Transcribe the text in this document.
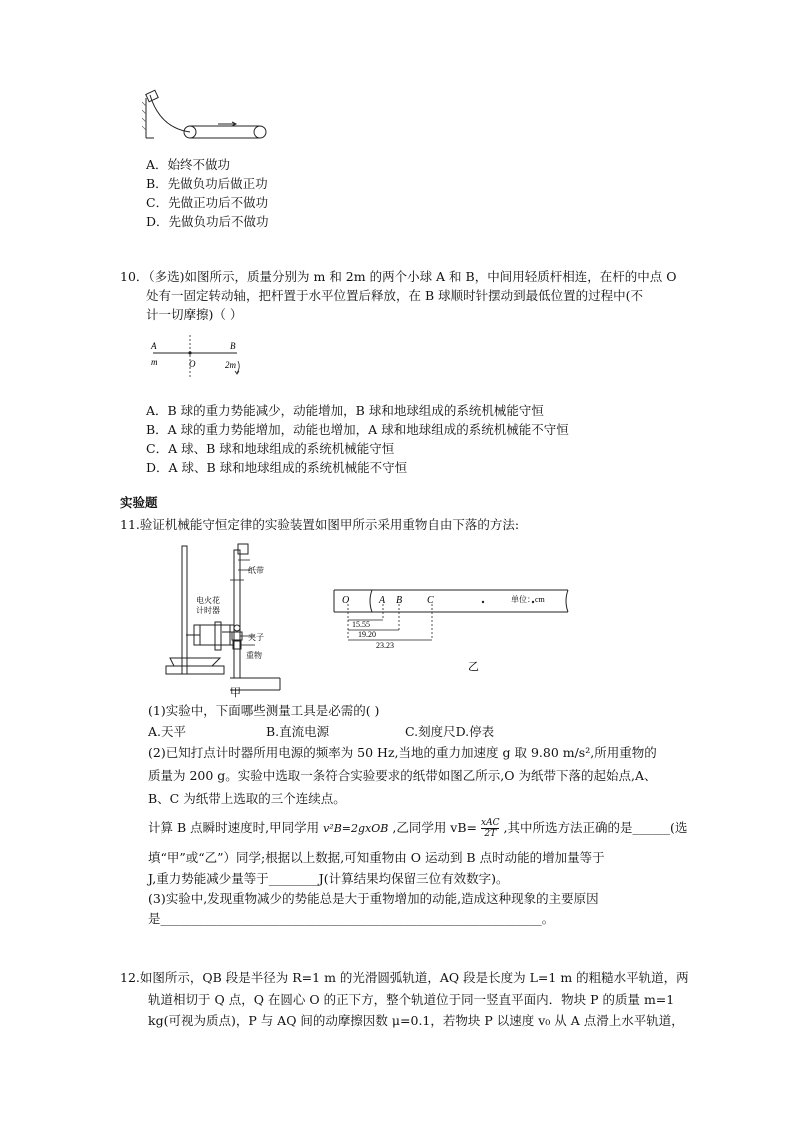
A．始终不做功
B．先做负功后做正功
C．先做正功后不做功
D．先做负功后不做功
10．（多选)如图所示，质量分别为 m 和 2m 的两个小球 A 和 B，中间用轻质杆相连，在杆的中点 O
处有一固定转动轴，把杆置于水平位置后释放，在 B 球顺时针摆动到最低位置的过程中(不
计一切摩擦)（ ）
A
m	O
B
2m
A．B 球的重力势能减少，动能增加，B 球和地球组成的系统机械能守恒
B．A 球的重力势能增加，动能也增加，A 球和地球组成的系统机械能不守恒
C．A 球、B 球和地球组成的系统机械能守恒
D．A 球、B 球和地球组成的系统机械能不守恒
实验题
11.验证机械能守恒定律的实验装置如图甲所示采用重物自由下落的方法:
电火花
计时器
纸带
夹子
重物
甲
O	A B C	单位：cm
15.55
19.20
23.23
乙
(1)实验中，下面哪些测量工具是必需的( )
A.天平	B.直流电源	C.刻度尺D.停表
(2)已知打点计时器所用电源的频率为 50 Hz,当地的重力加速度 g 取 9.80 m/s²,所用重物的
质量为 200 g。实验中选取一条符合实验要求的纸带如图乙所示,O 为纸带下落的起始点,A、
B、C 为纸带上选取的三个连续点。
计算 B 点瞬时速度时,甲同学用 v²B=2gxOB ,乙同学用 vB= xAC
2T ,其中所选方法正确的是______(选
填“甲”或“乙”）同学;根据以上数据,可知重物由 O 运动到 B 点时动能的增加量等于
J,重力势能减少量等于________J(计算结果均保留三位有效数字)。
(3)实验中,发现重物减少的势能总是大于重物增加的动能,造成这种现象的主要原因
是_____________________________________________________________。
12.如图所示，QB 段是半径为 R=1 m 的光滑圆弧轨道，AQ 段是长度为 L=1 m 的粗糙水平轨道，两
轨道相切于 Q 点，Q 在圆心 O 的正下方，整个轨道位于同一竖直平面内．物块 P 的质量 m=1
kg(可视为质点)，P 与 AQ 间的动摩擦因数 μ=0.1，若物块 P 以速度 v₀ 从 A 点滑上水平轨道，
